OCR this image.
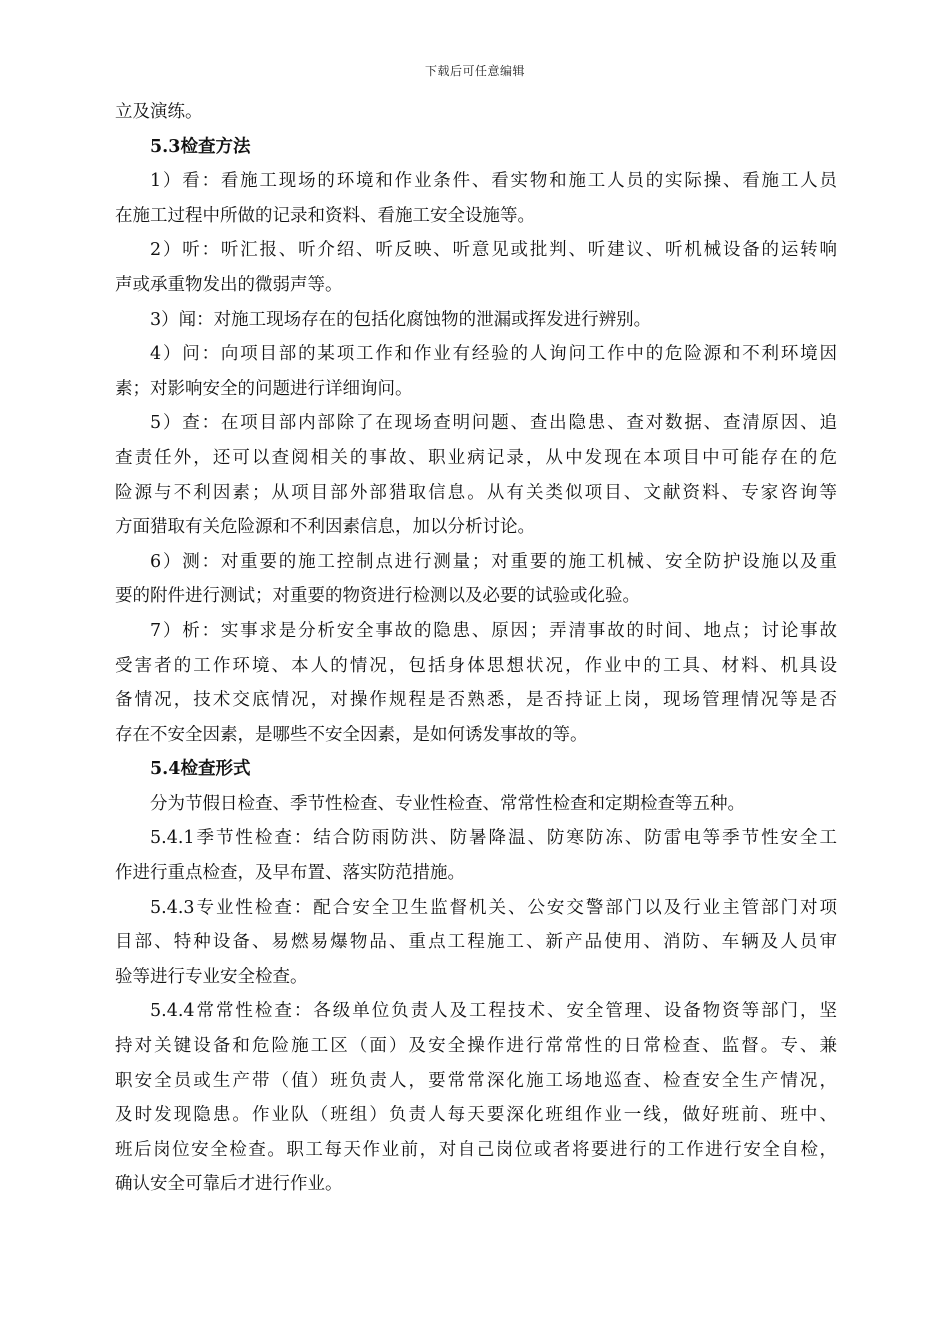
下载后可任意编辑
立及演练。
5.3检查方法
1）看：看施工现场的环境和作业条件、看实物和施工人员的实际操、看施工人员
在施工过程中所做的记录和资料、看施工安全设施等。
2）听：听汇报、听介绍、听反映、听意见或批判、听建议、听机械设备的运转响
声或承重物发出的微弱声等。
3）闻：对施工现场存在的包括化腐蚀物的泄漏或挥发进行辨别。
4）问：向项目部的某项工作和作业有经验的人询问工作中的危险源和不利环境因
素；对影响安全的问题进行详细询问。
5）查：在项目部内部除了在现场查明问题、查出隐患、查对数据、查清原因、追
查责任外，还可以查阅相关的事故、职业病记录，从中发现在本项目中可能存在的危
险源与不利因素；从项目部外部猎取信息。从有关类似项目、文献资料、专家咨询等
方面猎取有关危险源和不利因素信息，加以分析讨论。
6）测：对重要的施工控制点进行测量；对重要的施工机械、安全防护设施以及重
要的附件进行测试；对重要的物资进行检测以及必要的试验或化验。
7）析：实事求是分析安全事故的隐患、原因；弄清事故的时间、地点；讨论事故
受害者的工作环境、本人的情况，包括身体思想状况，作业中的工具、材料、机具设
备情况，技术交底情况，对操作规程是否熟悉，是否持证上岗，现场管理情况等是否
存在不安全因素，是哪些不安全因素，是如何诱发事故的等。
5.4检查形式
分为节假日检查、季节性检查、专业性检查、常常性检查和定期检查等五种。
5.4.1季节性检查：结合防雨防洪、防暑降温、防寒防冻、防雷电等季节性安全工
作进行重点检查，及早布置、落实防范措施。
5.4.3专业性检查：配合安全卫生监督机关、公安交警部门以及行业主管部门对项
目部、特种设备、易燃易爆物品、重点工程施工、新产品使用、消防、车辆及人员审
验等进行专业安全检查。
5.4.4常常性检查：各级单位负责人及工程技术、安全管理、设备物资等部门，坚
持对关键设备和危险施工区（面）及安全操作进行常常性的日常检查、监督。专、兼
职安全员或生产带（值）班负责人，要常常深化施工场地巡查、检查安全生产情况，
及时发现隐患。作业队（班组）负责人每天要深化班组作业一线，做好班前、班中、
班后岗位安全检查。职工每天作业前，对自己岗位或者将要进行的工作进行安全自检，
确认安全可靠后才进行作业。
